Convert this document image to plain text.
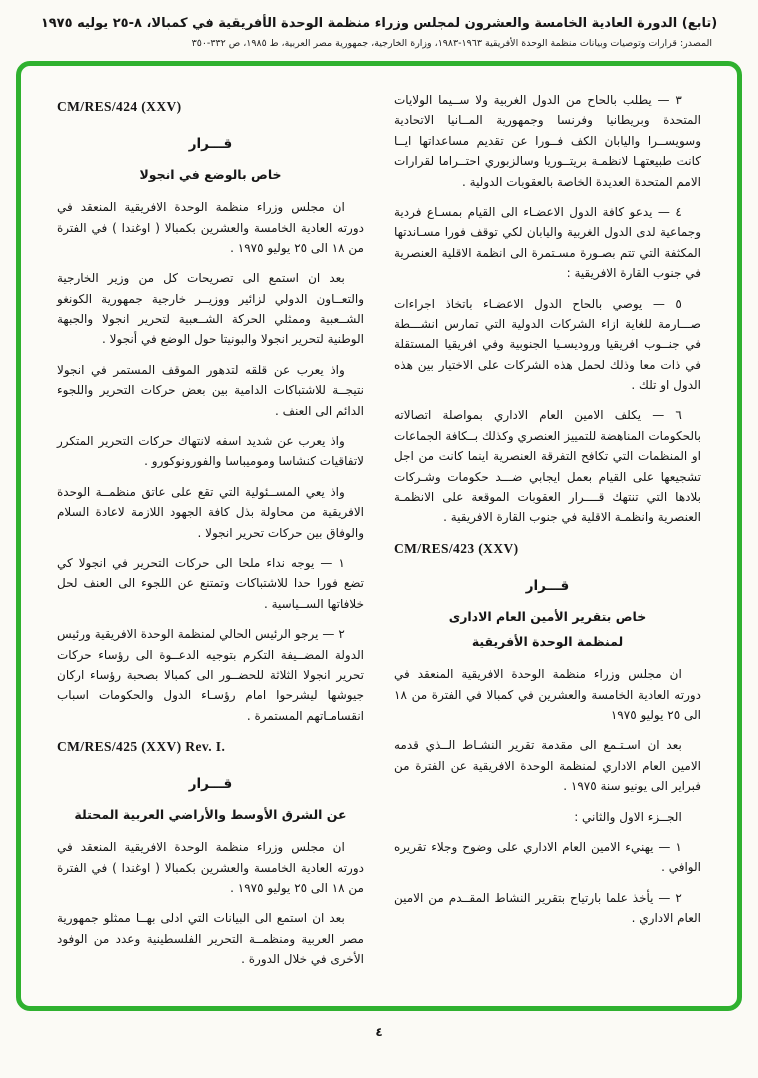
(تابع) الدورة العادية الخامسة والعشرون لمجلس وزراء منظمة الوحدة الأفريقية في كمبالا، ٨-٢٥ يوليه ١٩٧٥
المصدر: قرارات وتوصيات وبيانات منظمة الوحدة الأفريقية ١٩٦٣-١٩٨٣، وزارة الخارجية، جمهورية مصر العربية، ط ١٩٨٥، ص ٣٣٢-٣٥٠
٣ — يطلب بالحاح من الدول الغربية ولا ســيما الولايات المتحدة وبريطانيا وفرنسا وجمهورية المــانيا الاتحادية وسويســرا واليابان الكف فــورا عن تقديم مساعداتها ايــا كانت طبيعتهـا لانظمـة بريتــوريا وسالزبوري احتــراما لقرارات الامم المتحدة العديدة الخاصة بالعقوبات الدولية .
٤ — يدعو كافة الدول الاعضـاء الى القيام بمسـاع فردية وجماعية لدى الدول الغربية واليابان لكي توقف فورا مسـاندتها المكثفة التي تتم بصـورة مسـتمرة الى انظمة الاقلية العنصرية في جنوب القارة الافريقية :
٥ — يوصي بالحاح الدول الاعضـاء باتخاذ اجراءات صـــارمة للغاية ازاء الشركات الدولية التي تمارس انشـــطة في جنــوب افريقيا وروديسـيا الجنوبية وفي افريقيا المستقلة في ذات معا وذلك لحمل هذه الشركات على الاختيار بين هذه الدول او تلك .
٦ — يكلف الامين العام الاداري بمواصلة اتصالاته بالحكومات المناهضة للتمييز العنصري وكذلك بــكافة الجماعات او المنظمات التي تكافح التفرقة العنصرية اينما كانت من اجل تشجيعها على القيام بعمل ايجابي ضـــد حكومات وشـركات بلادها التي تنتهك قــــرار العقوبات الموقعة على الانظمـة العنصرية وانظمـة الاقلية في جنوب القارة الافريقية .
CM/RES/423 (XXV)
قـــرار
خاص بتقرير الأمين العام الادارى
لمنظمة الوحدة الأفريقية
ان مجلس وزراء منظمة الوحدة الافريقية المنعقد في دورته العادية الخامسة والعشرين في كمبالا في الفترة من ١٨ الى ٢٥ يوليو ١٩٧٥
بعد ان اسـتـمع الى مقدمة تقرير النشـاط الــذي قدمه الامين العام الاداري لمنظمة الوحدة الافريقية عن الفترة من فبراير الى يونيو سنة ١٩٧٥ .
الجــزء الاول والثاني :
١ — يهنيء الامين العام الاداري على وضوح وجلاء تقريره الوافي .
٢ — يأخذ علما بارتياح بتقرير النشاط المقــدم من الامين العام الاداري .
CM/RES/424 (XXV)
قـــرار
خاص بالوضع في انجولا
ان مجلس وزراء منظمة الوحدة الافريقية المنعقد في دورته العادية الخامسة والعشرين بكمبالا ( اوغندا ) في الفترة من ١٨ الى ٢٥ يوليو ١٩٧٥ .
بعد ان استمع الى تصريحات كل من وزير الخارجية والتعــاون الدولي لزائير ووزيــر خارجية جمهورية الكونغو الشــعبية وممثلي الحركة الشــعبية لتحرير انجولا والجبهة الوطنية لتحرير انجولا والبونيتا حول الوضع في أنجولا .
واذ يعرب عن قلقه لتدهور الموقف المستمر في انجولا نتيجــة للاشتباكات الدامية بين بعض حركات التحرير واللجوء الدائم الى العنف .
واذ يعرب عن شديد اسفه لانتهاك حركات التحرير المتكرر لاتفاقيات كنشاسا وموميباسا والفورونوكورو .
واذ يعي المســئولية التي تقع على عاتق منظمــة الوحدة الافريقية من محاولة بذل كافة الجهود اللازمة لاعادة السلام والوفاق بين حركات تحرير انجولا .
١ — يوجه نداء ملحا الى حركات التحرير في انجولا كي تضع فورا حدا للاشتباكات وتمتنع عن اللجوء الى العنف لحل خلافاتها الســياسية .
٢ — يرجو الرئيس الحالي لمنظمة الوحدة الافريقية ورئيس الدولة المضــيفة التكرم بتوجيه الدعــوة الى رؤساء حركات تحرير انجولا الثلاثة للحضــور الى كمبالا بصحبة رؤساء اركان جيوشها ليشرحوا امام رؤسـاء الدول والحكومات اسباب انقسامـاتهم المستمرة .
CM/RES/425 (XXV) Rev. I.
قـــرار
عن الشرق الأوسط والأراضي العربية المحتلة
ان مجلس وزراء منظمة الوحدة الافريقية المنعقد في دورته العادية الخامسة والعشرين بكمبالا ( اوغندا ) في الفترة من ١٨ الى ٢٥ يوليو ١٩٧٥ .
بعد ان استمع الى البيانات التي ادلى بهــا ممثلو جمهورية مصر العربية ومنظمــة التحرير الفلسطينية وعدد من الوفود الأخرى في خلال الدورة .
٤
